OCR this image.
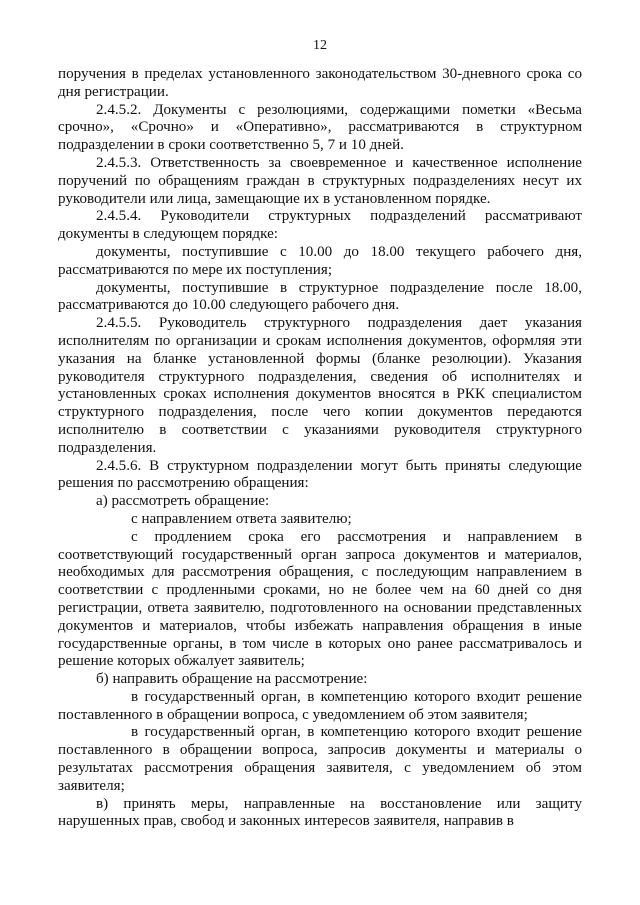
12

поручения в пределах установленного законодательством 30-дневного срока со дня регистрации.

2.4.5.2. Документы с резолюциями, содержащими пометки «Весьма срочно», «Срочно» и «Оперативно», рассматриваются в структурном подразделении в сроки соответственно 5, 7 и 10 дней.

2.4.5.3. Ответственность за своевременное и качественное исполнение поручений по обращениям граждан в структурных подразделениях несут их руководители или лица, замещающие их в установленном порядке.

2.4.5.4. Руководители структурных подразделений рассматривают документы в следующем порядке:

документы, поступившие с 10.00 до 18.00 текущего рабочего дня, рассматриваются по мере их поступления;

документы, поступившие в структурное подразделение после 18.00, рассматриваются до 10.00 следующего рабочего дня.

2.4.5.5. Руководитель структурного подразделения дает указания исполнителям по организации и срокам исполнения документов, оформляя эти указания на бланке установленной формы (бланке резолюции). Указания руководителя структурного подразделения, сведения об исполнителях и установленных сроках исполнения документов вносятся в РКК специалистом структурного подразделения, после чего копии документов передаются исполнителю в соответствии с указаниями руководителя структурного подразделения.

2.4.5.6. В структурном подразделении могут быть приняты следующие решения по рассмотрению обращения:

а) рассмотреть обращение:

с направлением ответа заявителю;

с продлением срока его рассмотрения и направлением в соответствующий государственный орган запроса документов и материалов, необходимых для рассмотрения обращения, с последующим направлением в соответствии с продленными сроками, но не более чем на 60 дней со дня регистрации, ответа заявителю, подготовленного на основании представленных документов и материалов, чтобы избежать направления обращения в иные государственные органы, в том числе в которых оно ранее рассматривалось и решение которых обжалует заявитель;

б) направить обращение на рассмотрение:

в государственный орган, в компетенцию которого входит решение поставленного в обращении вопроса, с уведомлением об этом заявителя;

в государственный орган, в компетенцию которого входит решение поставленного в обращении вопроса, запросив документы и материалы о результатах рассмотрения обращения заявителя, с уведомлением об этом заявителя;

в) принять меры, направленные на восстановление или защиту нарушенных прав, свобод и законных интересов заявителя, направив в
